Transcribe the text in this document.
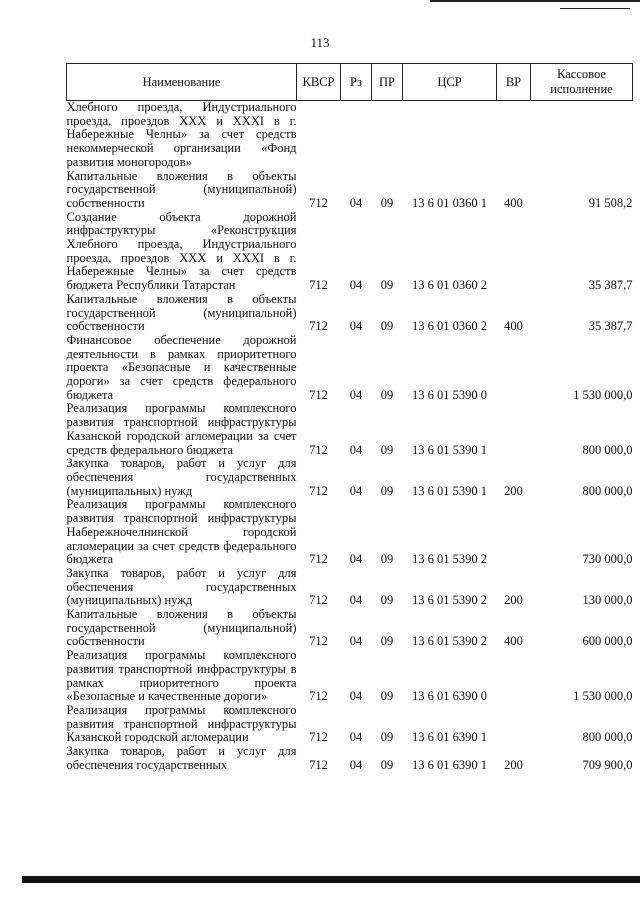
113
Наименование	КВСР	Рз	ПР	ЦСР	ВР	Кассовое исполнение
Хлебного проезда, Индустриального проезда, проездов XXX и XXXI в г. Набережные Челны» за счет средств некоммерческой организации «Фонд развития моногородов»						
Капитальные вложения в объекты государственной (муниципальной) собственности	712	04	09	13 6 01 0360 1	400	91 508,2
Создание объекта дорожной инфраструктуры «Реконструкция Хлебного проезда, Индустриального проезда, проездов XXX и XXXI в г. Набережные Челны» за счет средств бюджета Республики Татарстан	712	04	09	13 6 01 0360 2		35 387,7
Капитальные вложения в объекты государственной (муниципальной) собственности	712	04	09	13 6 01 0360 2	400	35 387,7
Финансовое обеспечение дорожной деятельности в рамках приоритетного проекта «Безопасные и качественные дороги» за счет средств федерального бюджета	712	04	09	13 6 01 5390 0		1 530 000,0
Реализация программы комплексного развития транспортной инфраструктуры Казанской городской агломерации за счет средств федерального бюджета	712	04	09	13 6 01 5390 1		800 000,0
Закупка товаров, работ и услуг для обеспечения государственных (муниципальных) нужд	712	04	09	13 6 01 5390 1	200	800 000,0
Реализация программы комплексного развития транспортной инфраструктуры Набережночелнинской городской агломерации за счет средств федерального бюджета	712	04	09	13 6 01 5390 2		730 000,0
Закупка товаров, работ и услуг для обеспечения государственных (муниципальных) нужд	712	04	09	13 6 01 5390 2	200	130 000,0
Капитальные вложения в объекты государственной (муниципальной) собственности	712	04	09	13 6 01 5390 2	400	600 000,0
Реализация программы комплексного развития транспортной инфраструктуры в рамках приоритетного проекта «Безопасные и качественные дороги»	712	04	09	13 6 01 6390 0		1 530 000,0
Реализация программы комплексного развития транспортной инфраструктуры Казанской городской агломерации	712	04	09	13 6 01 6390 1		800 000,0
Закупка товаров, работ и услуг для обеспечения государственных	712	04	09	13 6 01 6390 1	200	709 900,0
